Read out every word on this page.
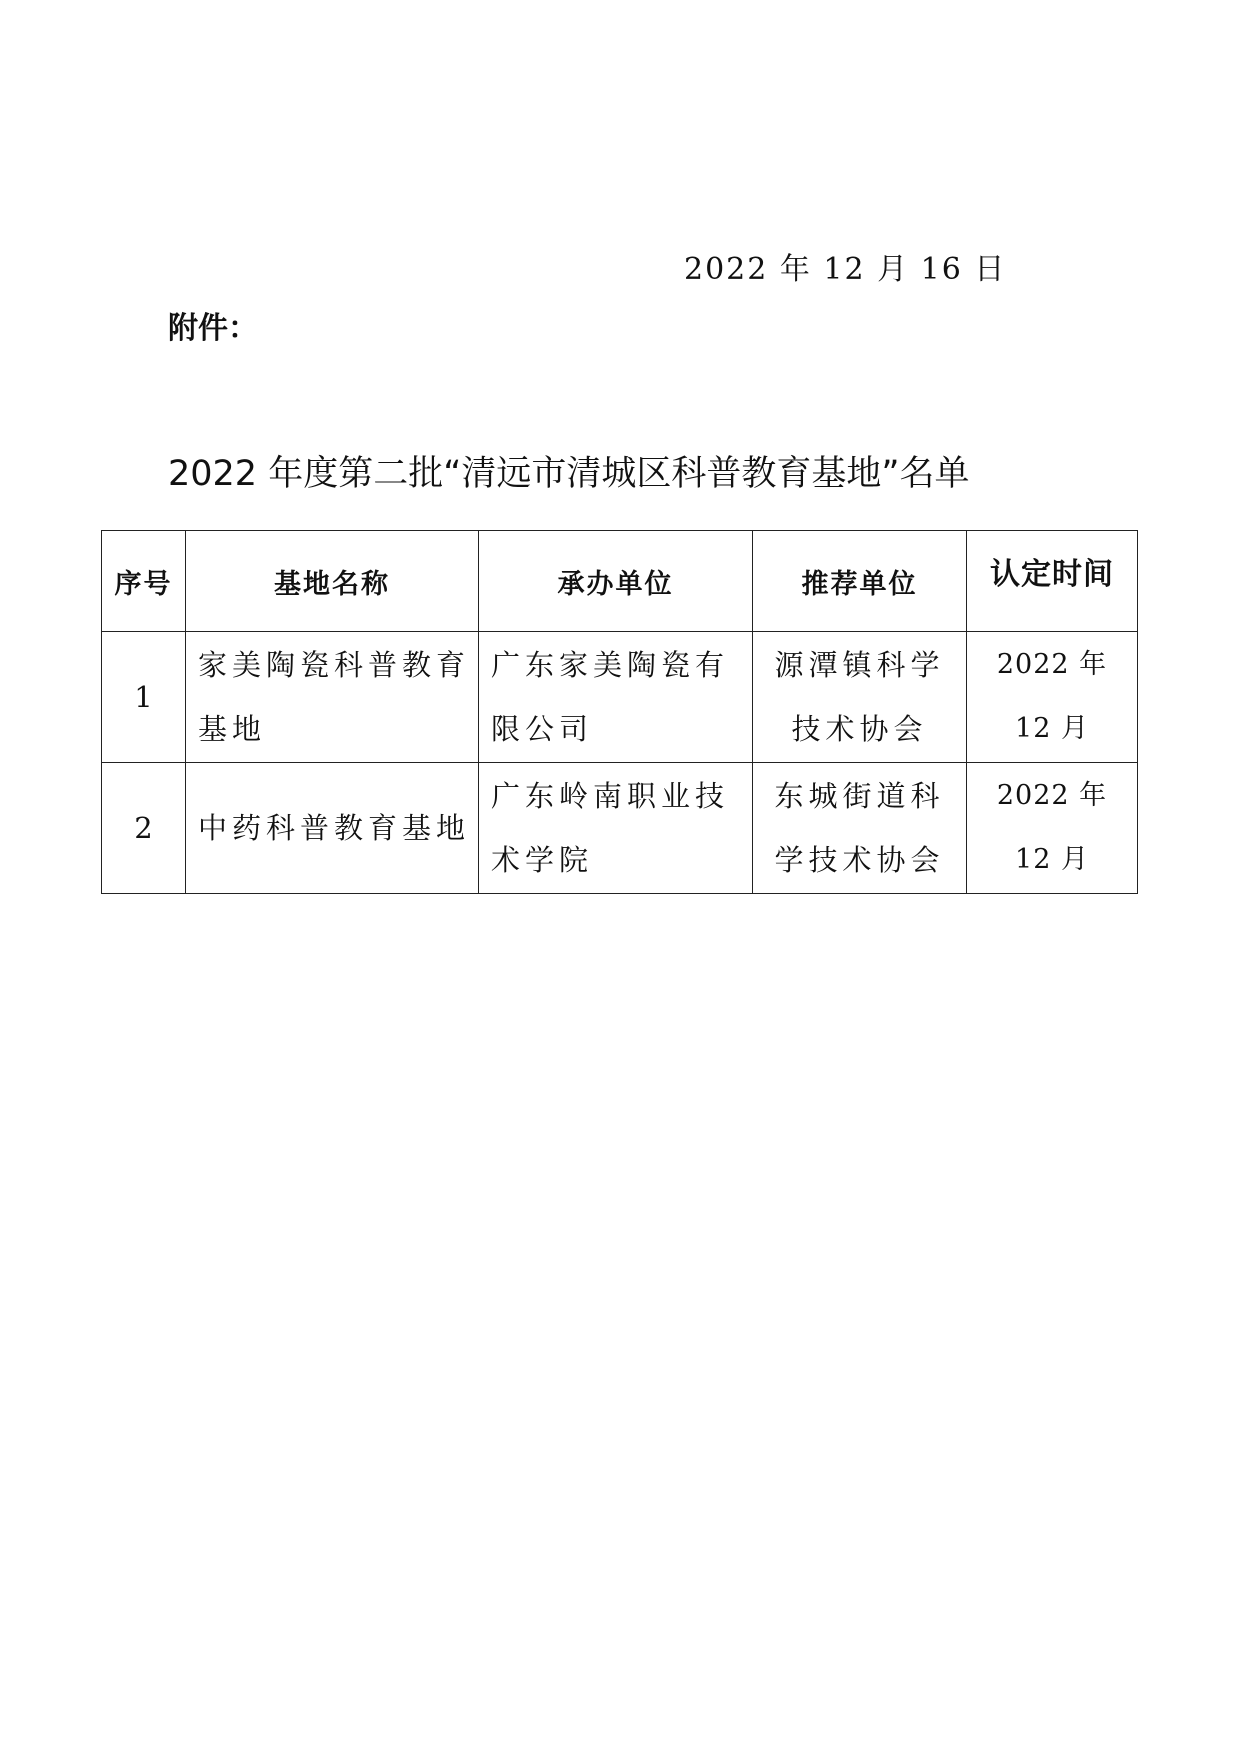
2022 年 12 月 16 日
附件：
2022 年度第二批“清远市清城区科普教育基地”名单
序号	基地名称	承办单位	推荐单位	认定时间
1	家美陶瓷科普教育基地	广东家美陶瓷有限公司	源潭镇科学技术协会	2022 年 12 月
2	中药科普教育基地	广东岭南职业技术学院	东城街道科学技术协会	2022 年 12 月
